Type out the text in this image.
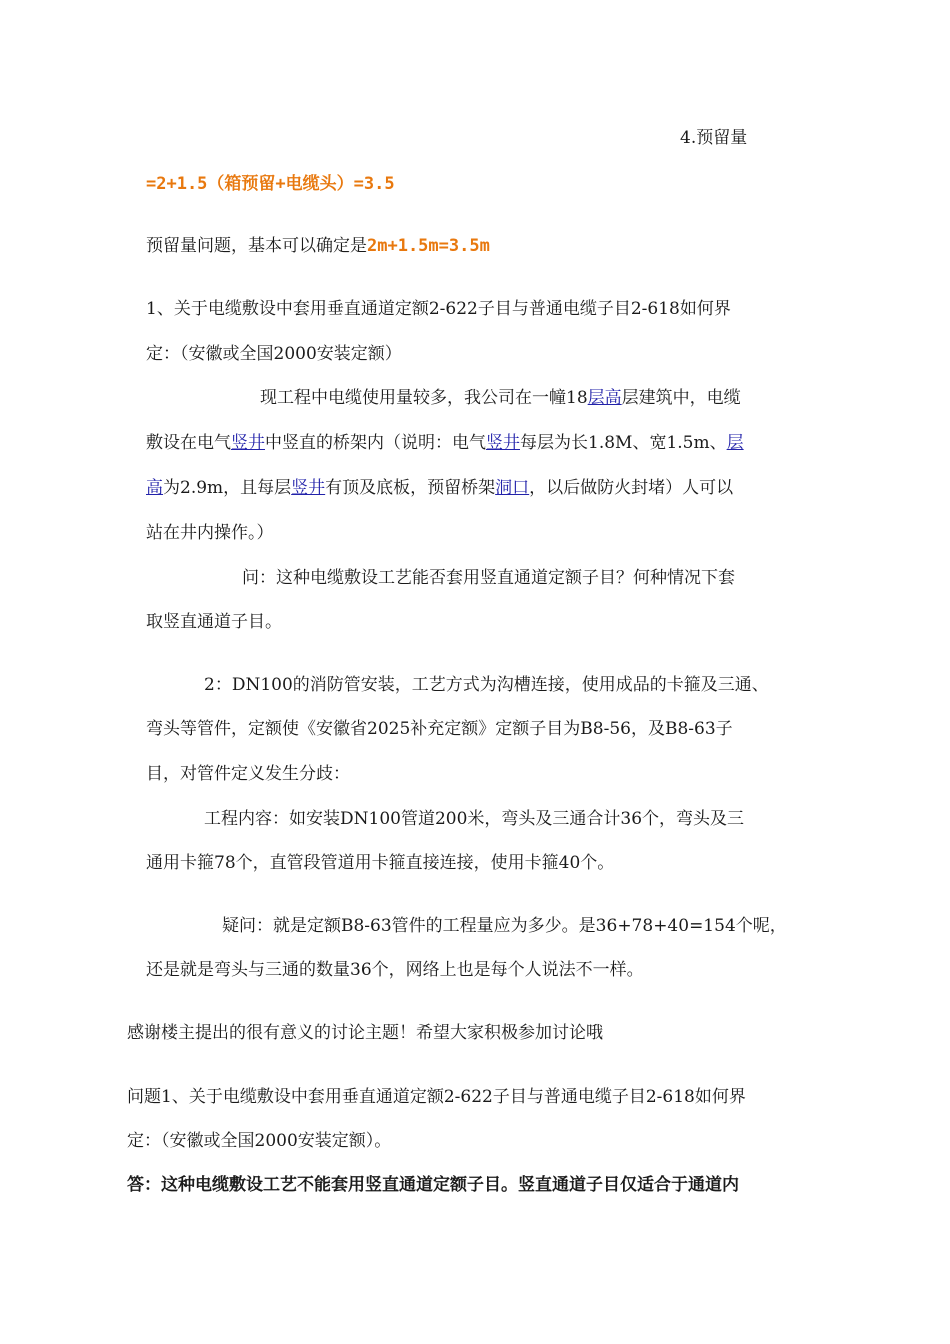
4.预留量
=2+1.5（箱预留+电缆头）=3.5
预留量问题，基本可以确定是2m+1.5m=3.5m
1、关于电缆敷设中套用垂直通道定额2-622子目与普通电缆子目2-618如何界
定：（安徽或全国2000安装定额）
现工程中电缆使用量较多，我公司在一幢18层高层建筑中，电缆
敷设在电气竖井中竖直的桥架内（说明：电气竖井每层为长1.8M、宽1.5m、层
高为2.9m，且每层竖井有顶及底板，预留桥架洞口，以后做防火封堵）人可以
站在井内操作。）
问：这种电缆敷设工艺能否套用竖直通道定额子目？何种情况下套
取竖直通道子目。
2：DN100的消防管安装，工艺方式为沟槽连接，使用成品的卡箍及三通、
弯头等管件，定额使《安徽省2025补充定额》定额子目为B8-56，及B8-63子
目，对管件定义发生分歧：
工程内容：如安装DN100管道200米，弯头及三通合计36个，弯头及三
通用卡箍78个，直管段管道用卡箍直接连接，使用卡箍40个。
疑问：就是定额B8-63管件的工程量应为多少。是36+78+40=154个呢，
还是就是弯头与三通的数量36个，网络上也是每个人说法不一样。
感谢楼主提出的很有意义的讨论主题！希望大家积极参加讨论哦
问题1、关于电缆敷设中套用垂直通道定额2-622子目与普通电缆子目2-618如何界
定：（安徽或全国2000安装定额）。
答：这种电缆敷设工艺不能套用竖直通道定额子目。竖直通道子目仅适合于通道内
